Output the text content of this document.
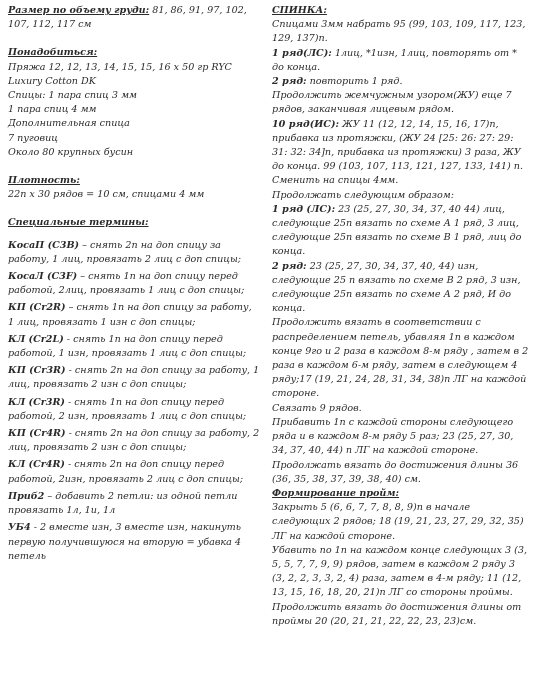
Размер по объему груди: 81, 86, 91, 97, 102, 107, 112, 117 см

Понадобиться:

Пряжа 12, 12, 13, 14, 15, 15, 16 х 50 гр RYC

Luxury Cotton DK

Спицы: 1 пара спиц 3 мм

1 пара спиц 4 мм

Дополнительная спица

7 пуговиц

Около 80 крупных бусин

Плотность:

22п х 30 рядов = 10 см, спицами 4 мм

Специальные термины:

КосаП (С3В) – снять 2п на доп спицу за работу, 1 лиц, провязать 2 лиц с доп спицы;

КосаЛ (С3F) – снять 1п на доп спицу перед работой, 2лиц, провязать 1 лиц с доп спицы;

КП (Cr2R) – снять 1п на доп спицу за работу, 1 лиц, провязать 1 изн с доп спицы;

КЛ (Cr2L) - снять 1п на доп спицу перед работой, 1 изн, провязать 1 лиц с доп спицы;

КП (Cr3R) - снять 2п на доп спицу за работу, 1 лиц, провязать 2 изн с доп спицы;

КЛ (Cr3R) - снять 1п на доп спицу перед работой, 2 изн, провязать 1 лиц с доп спицы;

КП (Cr4R) - снять 2п на доп спицу за работу, 2 лиц, провязать 2 изн с доп спицы;

КЛ (Cr4R) - снять 2п на доп спицу перед работой, 2изн, провязать 2 лиц с доп спицы;

Приб2 – добавить 2 петли: из одной петли провязать 1л, 1и, 1л

УБ4 - 2 вместе изн, 3 вместе изн, накинуть первую получившуюся на вторую = убавка 4 петель

СПИНКА:

Спицами 3мм набрать 95 (99, 103, 109, 117, 123, 129, 137)п.

1 ряд(ЛС): 1лиц, *1изн, 1лиц, повторять от * до конца.

2 ряд: повторить 1 ряд.

Продолжить жемчужным узором(ЖУ) еще 7 рядов, заканчивая лицевым рядом.

10 ряд(ИС): ЖУ 11 (12, 12, 14, 15, 16, 17)п, прибавка из протяжки, (ЖУ 24 [25: 26: 27: 29: 31: 32: 34]п, прибавка из протяжки) 3 раза, ЖУ до конца. 99 (103, 107, 113, 121, 127, 133, 141) п.

Сменить на спицы 4мм.

Продолжать следующим образом:

1 ряд (ЛС): 23 (25, 27, 30, 34, 37, 40 44) лиц, следующие 25п вязать по схеме А 1 ряд, 3 лиц, следующие 25п вязать по схеме В 1 ряд, лиц до конца.

2 ряд: 23 (25, 27, 30, 34, 37, 40, 44) изн, следующие 25 п вязать по схеме В 2 ряд, 3 изн, следующие 25п вязать по схеме А 2 ряд, И до конца.

Продолжить вязать в соответствии с распределением петель, убавляя 1п в каждом конце 9го и 2 раза в каждом 8-м ряду , затем в 2 раза в каждом 6-м ряду, затем в следующем 4 ряду;17 (19, 21, 24, 28, 31, 34, 38)п ЛГ на каждой стороне.

Связать 9 рядов.

Прибавить 1п с каждой стороны следующего ряда и в каждом 8-м ряду 5 раз; 23 (25, 27, 30, 34, 37, 40, 44) п ЛГ на каждой стороне.

Продолжать вязать до достижения длины 36 (36, 35, 38, 37, 39, 38, 40) см.

Формирование пройм:

Закрыть 5 (6, 6, 7, 7, 8, 8, 9)п в начале следующих 2 рядов; 18 (19, 21, 23, 27, 29, 32, 35) ЛГ на каждой стороне.

Убавить по 1п на каждом конце следующих 3 (3, 5, 5, 7, 7, 9, 9) рядов, затем в каждом 2 ряду 3 (3, 2, 2, 3, 3, 2, 4) раза, затем в 4-м ряду; 11 (12, 13, 15, 16, 18, 20, 21)п ЛГ со стороны проймы.

Продолжить вязать до достижения длины от проймы 20 (20, 21, 21, 22, 22, 23, 23)см.
